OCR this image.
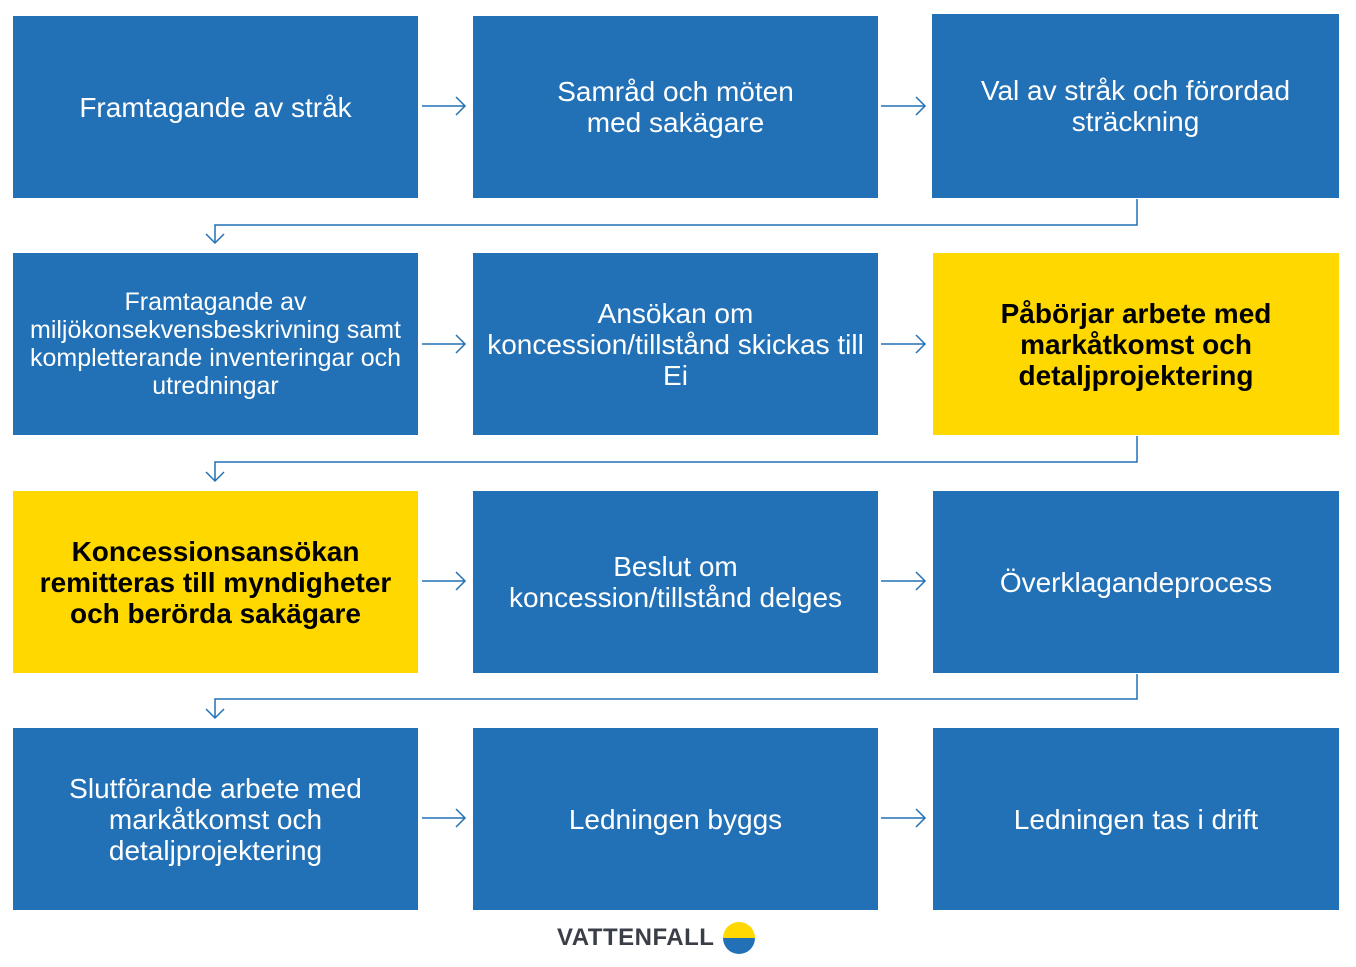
Framtagande av stråk	Samråd och möten med sakägare
Val av stråk och förordad sträckning
Framtagande av miljökonsekvensbeskrivning samt kompletterande inventeringar och utredningar
Ansökan om koncession/tillstånd skickas till Ei
Påbörjar arbete med markåtkomst och detaljprojektering
Koncessionsansökan remitteras till myndigheter och berörda sakägare
Beslut om koncession/tillstånd delges	Överklagandeprocess
Slutförande arbete med markåtkomst och detaljprojektering
Ledningen byggs	Ledningen tas i drift
VATTENFALL
